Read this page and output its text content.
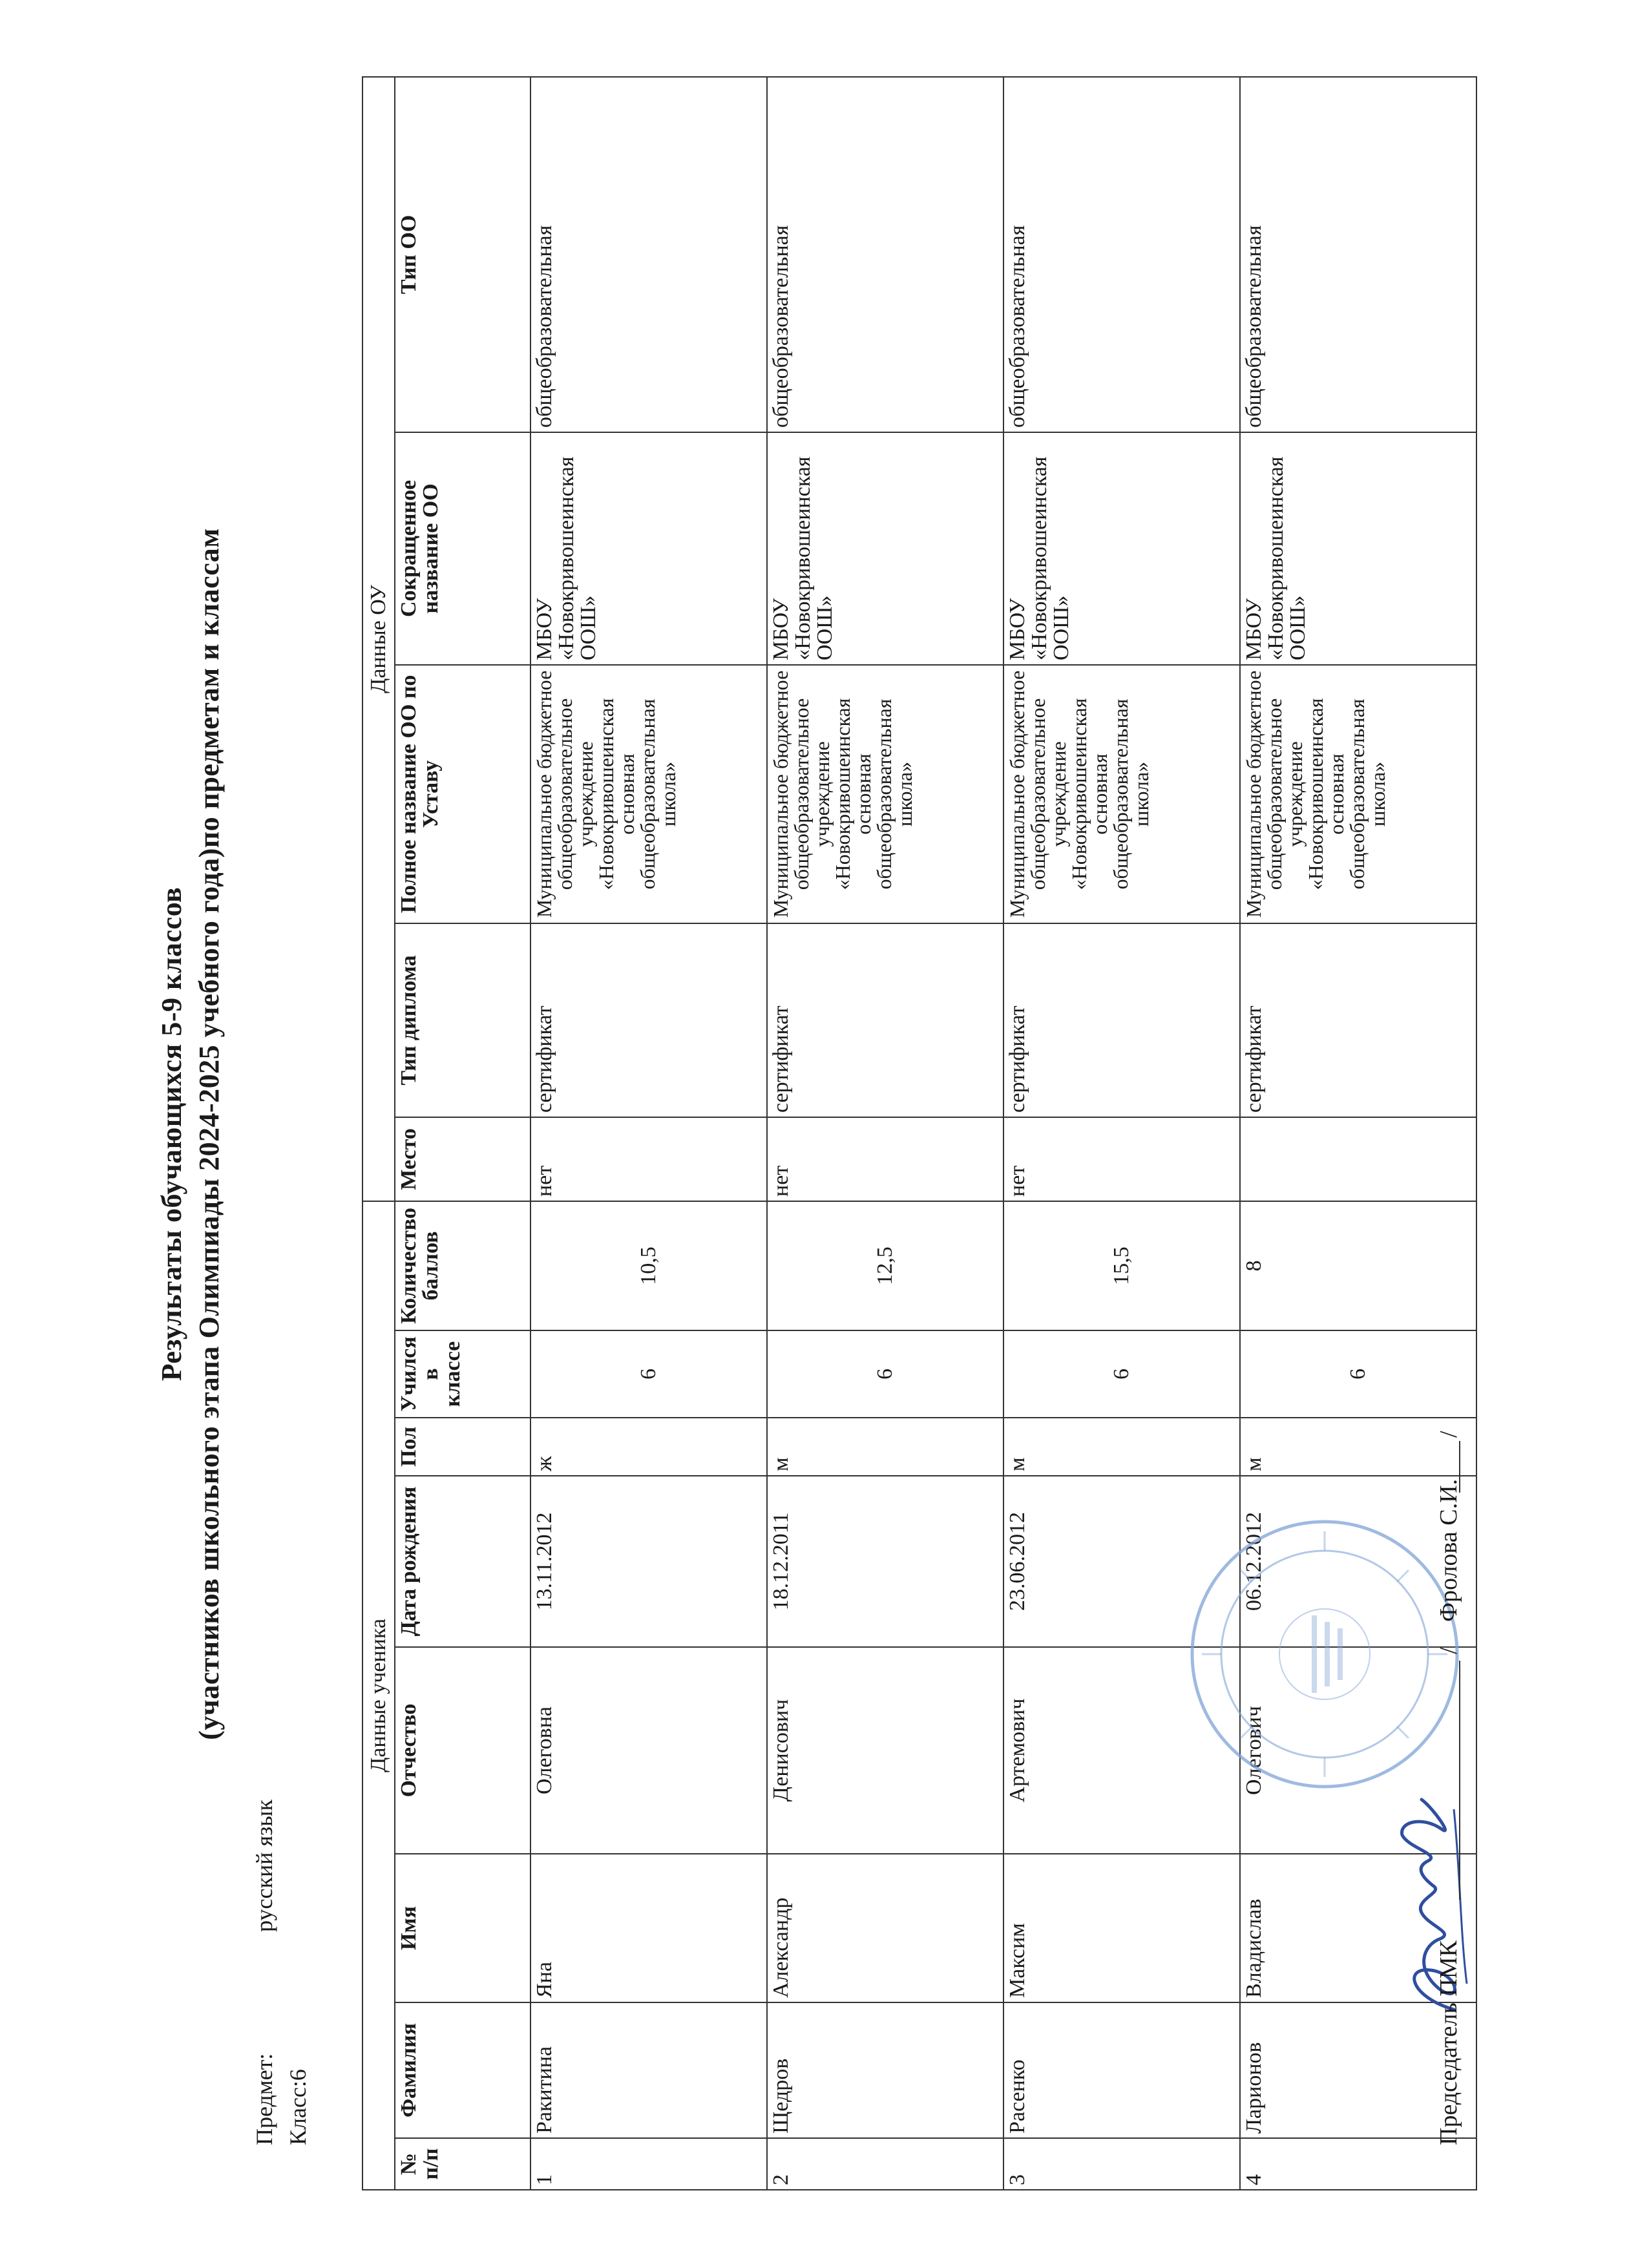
Результаты обучающихся 5-9 классов (участников школьного этапа Олимпиады 2024-2025 учебного года)по предметам и классам
Предмет:
русский язык
Класс:6
Данные ученика								Данные ОУ				
№ п/п	Фамилия	Имя	Отчество	Дата рождения	Пол	Учился в классе	Количество баллов	Место	Тип диплома	Полное название ОО по Уставу	Сокращенное название ОО	Тип ОО
1	Ракитина	Яна	Олеговна	13.11.2012	ж	6	10,5	нет	сертификат	Муниципальное бюджетное общеобразовательное учреждение «Новокривошеинская основная общеобразовательная школа»	МБОУ «Новокривошеинская ООШ»	общеобразовательная
2	Щедров	Александр	Денисович	18.12.2011	м	6	12,5	нет	сертификат	Муниципальное бюджетное общеобразовательное учреждение «Новокривошеинская основная общеобразовательная школа»	МБОУ «Новокривошеинская ООШ»	общеобразовательная
3	Расенко	Максим	Артемович	23.06.2012	м	6	15,5	нет	сертификат	Муниципальное бюджетное общеобразовательное учреждение «Новокривошеинская основная общеобразовательная школа»	МБОУ «Новокривошеинская ООШ»	общеобразовательная
4	Ларионов	Владислав	Олегович	06.12.2012	м	6	8		сертификат	Муниципальное бюджетное общеобразовательное учреждение «Новокривошеинская основная общеобразовательная школа»	МБОУ «Новокривошеинская ООШ»	общеобразовательная
Председатель ПМК
/
Фролова С.И.
/
